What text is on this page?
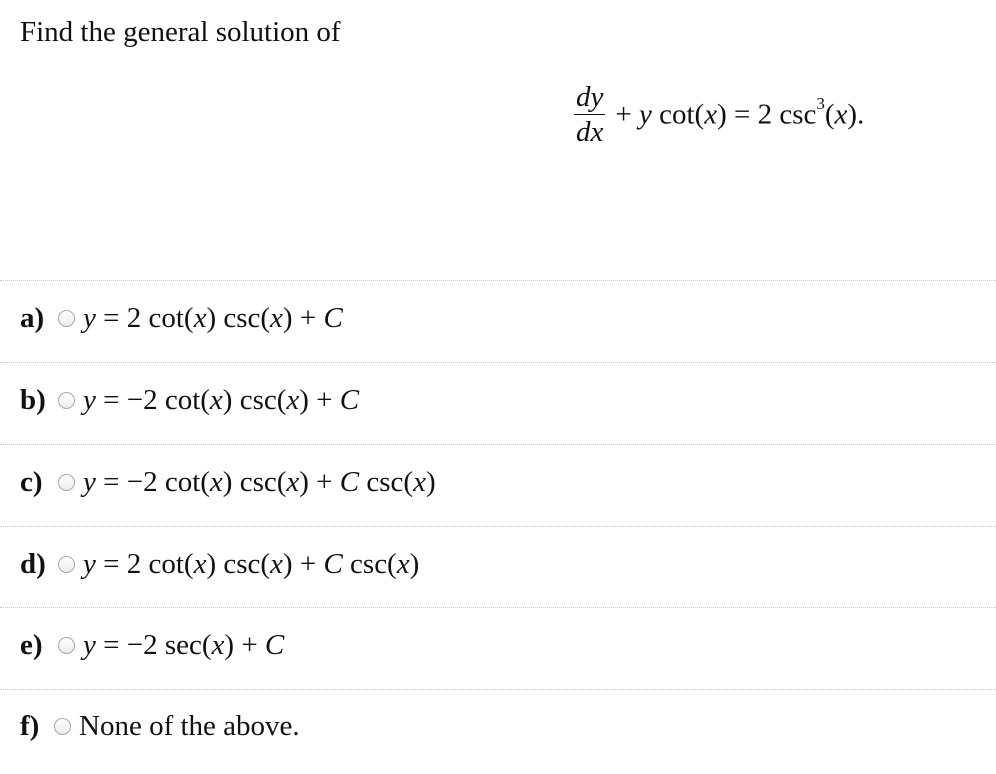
Find the general solution of
$\frac{dy}{dx} + y$ cot(x) = 2 $\csc^3(x)$.
a)	y = 2 cot(x) csc(x) + C
b)	y = −2 cot(x) csc(x) + C
c)	y = −2 cot(x) csc(x) + C csc(x)
d)	y = 2 cot(x) csc(x) + C csc(x)
e)	y = −2 sec(x) + C
f)	None of the above.
